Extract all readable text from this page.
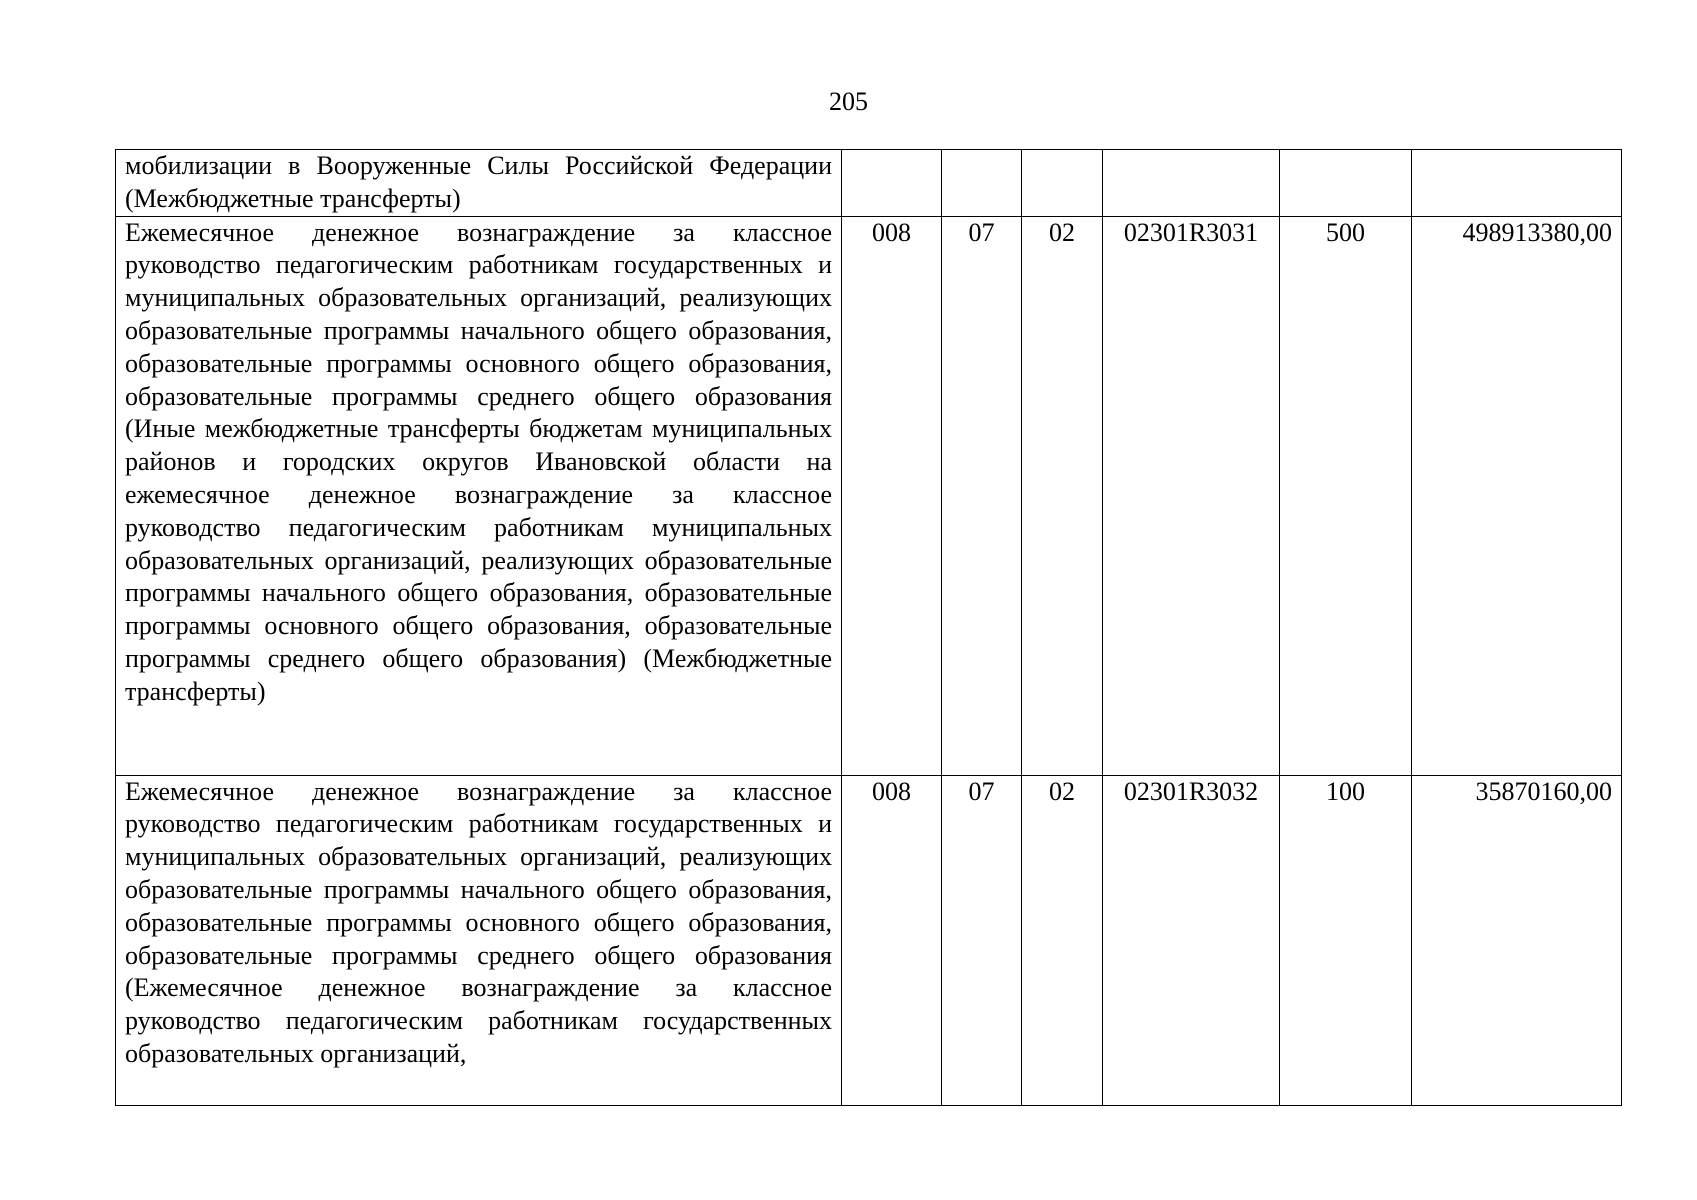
205
мобилизации в Вооруженные Силы Российской Федерации (Межбюджетные трансферты)						
Ежемесячное денежное вознаграждение за классное руководство педагогическим работникам государственных и муниципальных образовательных организаций, реализующих образовательные программы начального общего образования, образовательные программы основного общего образования, образовательные программы среднего общего образования (Иные межбюджетные трансферты бюджетам муниципальных районов и городских округов Ивановской области на ежемесячное денежное вознаграждение за классное руководство педагогическим работникам муниципальных образовательных организаций, реализующих образовательные программы начального общего образования, образовательные программы основного общего образования, образовательные программы среднего общего образования) (Межбюджетные трансферты)	008	07	02	02301R3031	500	498913380,00
Ежемесячное денежное вознаграждение за классное руководство педагогическим работникам государственных и муниципальных образовательных организаций, реализующих образовательные программы начального общего образования, образовательные программы основного общего образования, образовательные программы среднего общего образования (Ежемесячное денежное вознаграждение за классное руководство педагогическим работникам государственных образовательных организаций,	008	07	02	02301R3032	100	35870160,00
